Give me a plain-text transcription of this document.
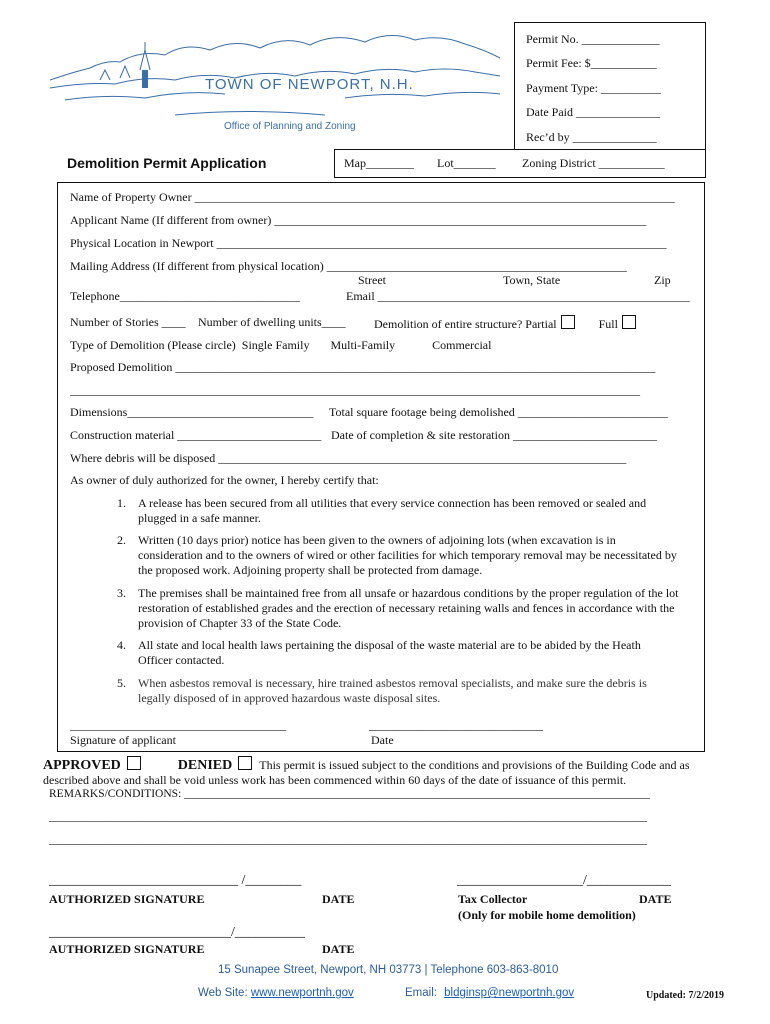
TOWN OF NEWPORT, N.H.
Office of Planning and Zoning
Demolition Permit Application
Permit No. _____________
Permit Fee: $___________
Payment Type: __________
Date Paid ______________
Rec’d by ______________
Map________ Lot_______ Zoning District ___________
Name of Property Owner ________________________________________________________________________________
Applicant Name (If different from owner) ______________________________________________________________
Physical Location in Newport ___________________________________________________________________________
Mailing Address (If different from physical location) __________________________________________________
Street	Town, State	Zip
Telephone______________________________	Email ____________________________________________________
Number of Stories ____ Number of dwelling units____ Demolition of entire structure? Partial	Full
Type of Demolition (Please circle) Single Family Multi-Family	Commercial
Proposed Demolition ________________________________________________________________________________
_______________________________________________________________________________________________
Dimensions_______________________________ Total square footage being demolished _________________________
Construction material ________________________ Date of completion & site restoration ________________________
Where debris will be disposed ____________________________________________________________________
As owner of duly authorized for the owner, I hereby certify that:
1. A release has been secured from all utilities that every service connection has been removed or sealed and plugged in a safe manner.
2. Written (10 days prior) notice has been given to the owners of adjoining lots (when excavation is in consideration and to the owners of wired or other facilities for which temporary removal may be necessitated by the proposed work. Adjoining property shall be protected from damage.
3. The premises shall be maintained free from all unsafe or hazardous conditions by the proper regulation of the lot restoration of established grades and the erection of necessary retaining walls and fences in accordance with the provision of Chapter 33 of the State Code.
4. All state and local health laws pertaining the disposal of the waste material are to be abided by the Heath Officer contacted.
5. When asbestos removal is necessary, hire trained asbestos removal specialists, and make sure the debris is legally disposed of in approved hazardous waste disposal sites.
____________________________________	_____________________________
Signature of applicant	Date
APPROVED	DENIED This permit is issued subject to the conditions and provisions of the Building Code and as
described above and shall be void unless work has been commenced within 60 days of the date of issuance of this permit.
REMARKS/CONDITIONS: _________________________________________________________________________________
________________________________________________________________________________________________________
________________________________________________________________________________________________________
___________________________ /________
AUTHORIZED SIGNATURE	DATE
__________________/____________
Tax Collector	DATE
(Only for mobile home demolition)
__________________________/__________
AUTHORIZED SIGNATURE	DATE
15 Sunapee Street, Newport, NH 03773 | Telephone 603-863-8010
Web Site: www.newportnh.gov	Email: bldginsp@newportnh.gov	Updated: 7/2/2019
